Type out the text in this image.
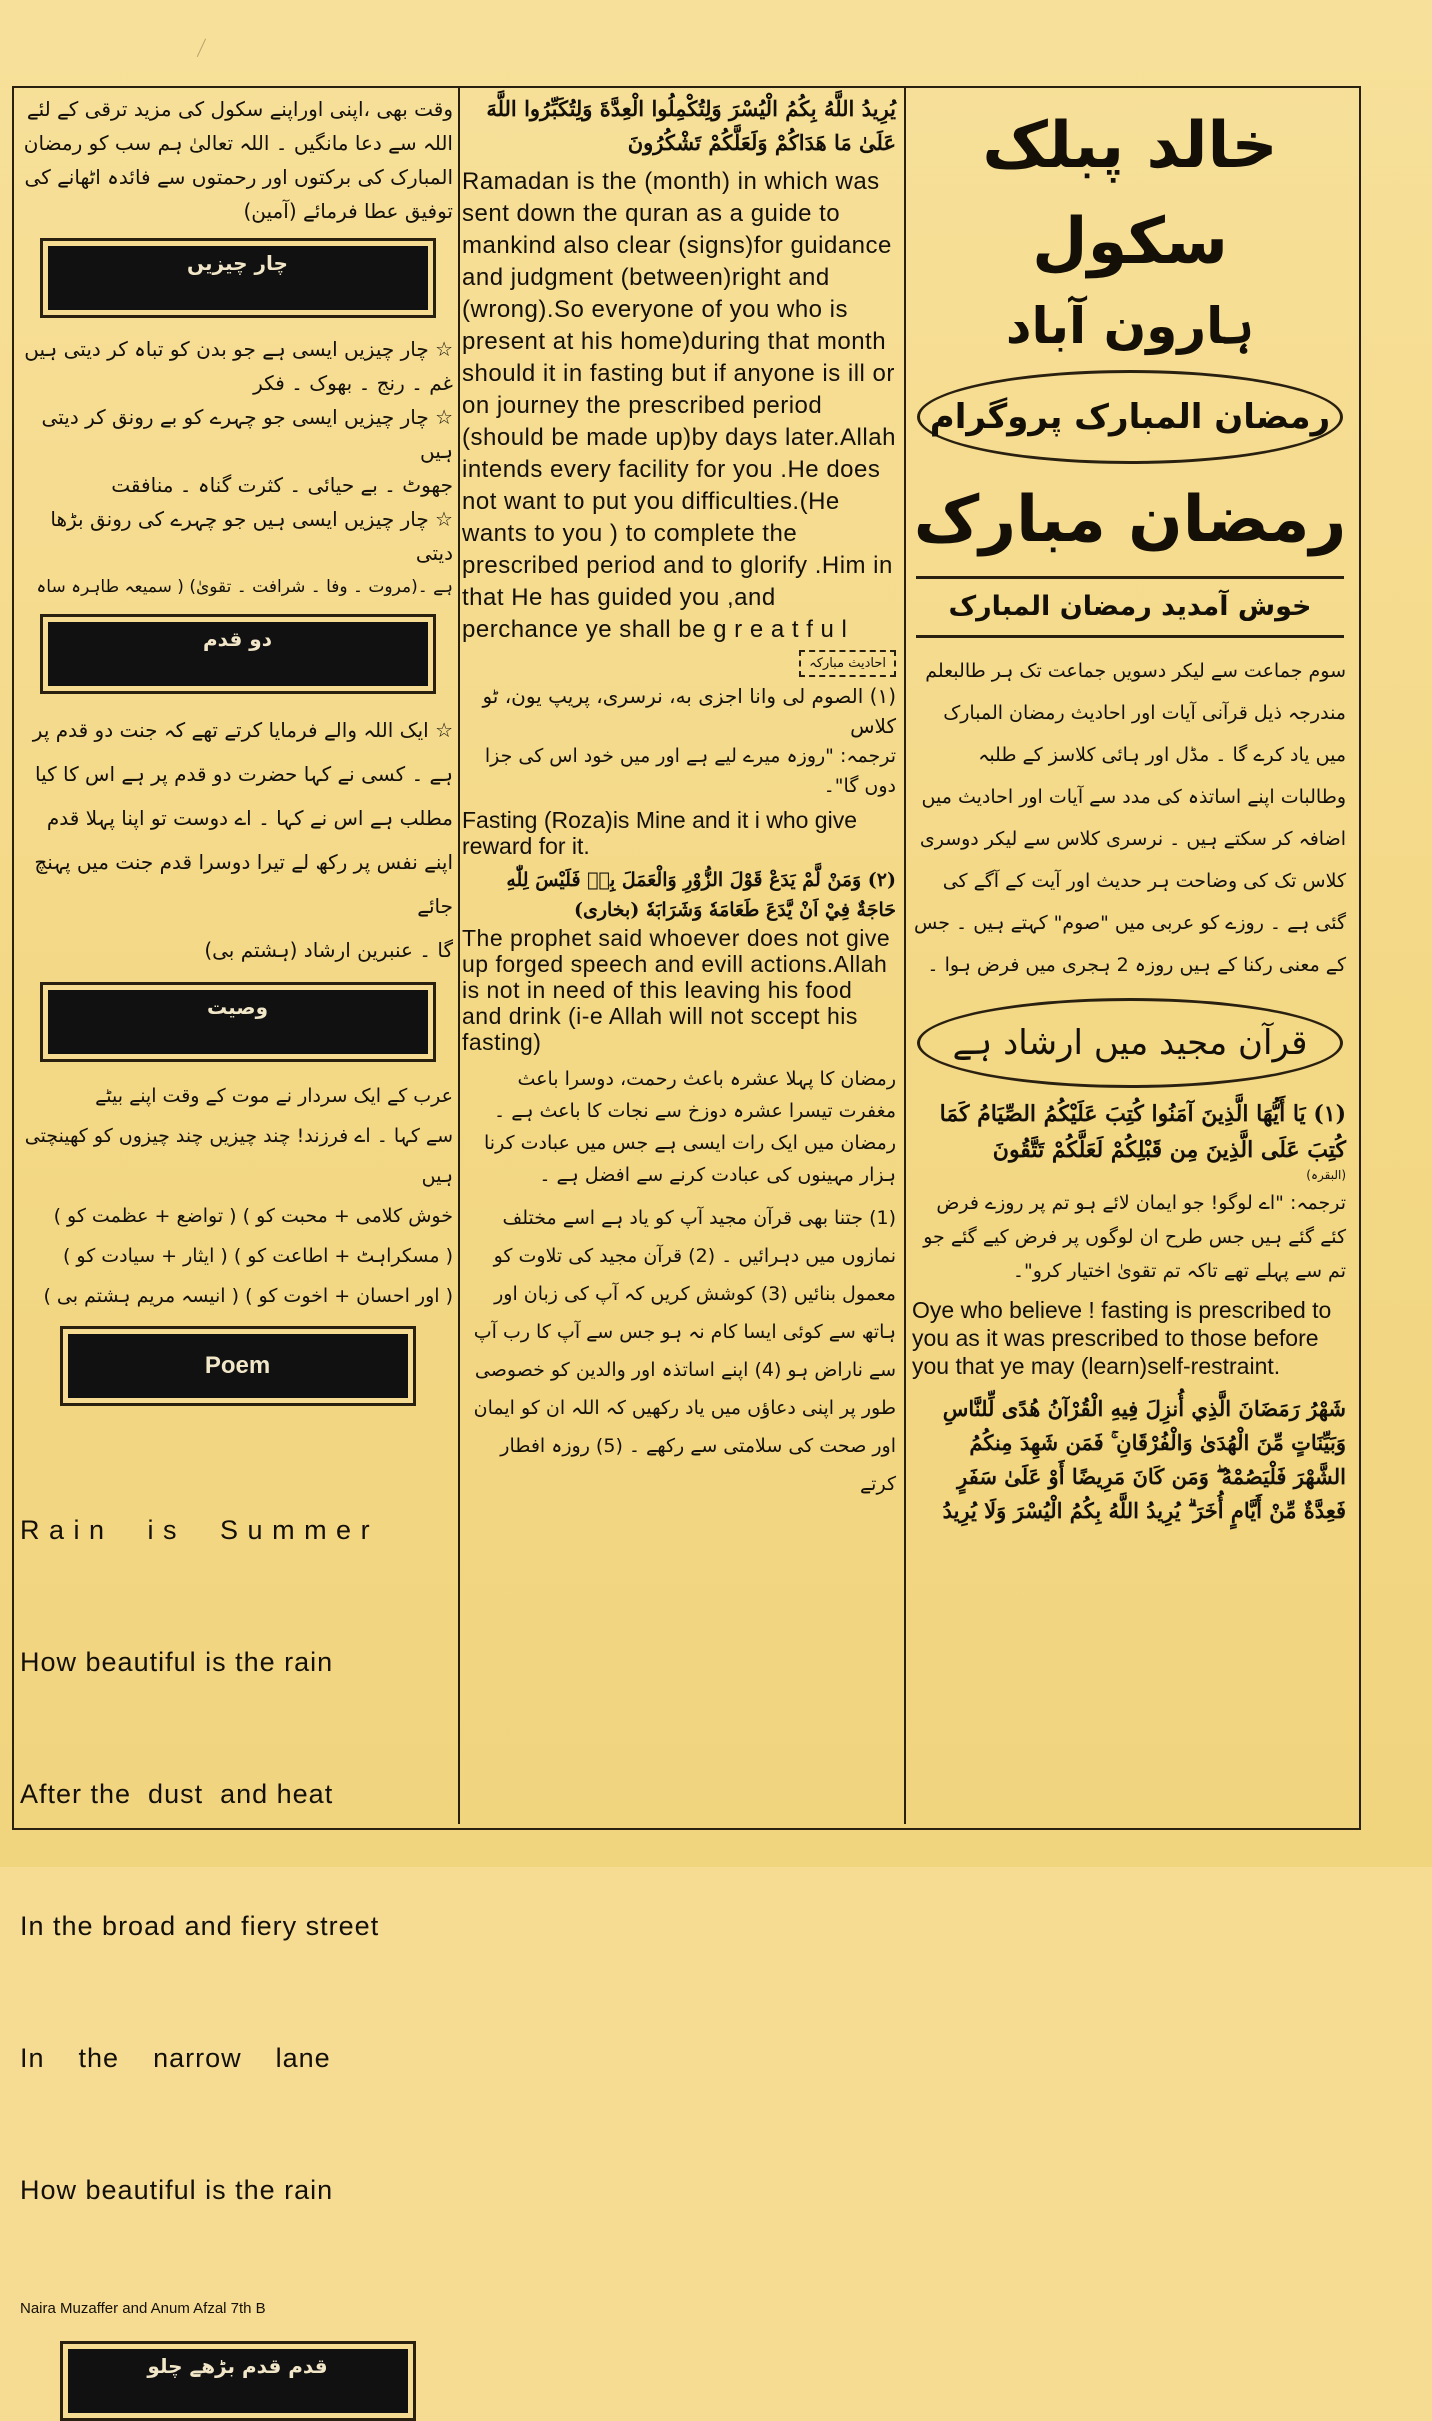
وقت بھی ،اپنی اوراپنے سکول کی مزید ترقی کے لئے اللہ سے دعا مانگیں ۔ اللہ تعالیٰ ہم سب کو رمضان المبارک کی برکتوں اور رحمتوں سے فائدہ اٹھانے کی توفیق عطا فرمائے (آمین)
چار چیزیں
☆ چار چیزیں ایسی ہے جو بدن کو تباہ کر دیتی ہیں
غم ۔ رنج ۔ بھوک ۔ فکر
☆ چار چیزیں ایسی جو چہرے کو بے رونق کر دیتی ہیں
جھوٹ ۔ بے حیائی ۔ کثرت گناہ ۔ منافقت
☆ چار چیزیں ایسی ہیں جو چہرے کی رونق بڑھا دیتی
ہے ۔(مروت ۔ وفا ۔ شرافت ۔ تقویٰ) ( سمیعہ طاہرہ ساہ
دو قدم
☆ ایک اللہ والے فرمایا کرتے تھے کہ جنت دو قدم پر
ہے ۔ کسی نے کہا حضرت دو قدم پر ہے اس کا کیا
مطلب ہے اس نے کہا ۔ اے دوست تو اپنا پہلا قدم
اپنے نفس پر رکھ لے تیرا دوسرا قدم جنت میں پہنچ جائے
گا ۔ عنبرین ارشاد (ہشتم بی)
وصیت
عرب کے ایک سردار نے موت کے وقت اپنے بیٹے
سے کہا ۔ اے فرزند! چند چیزیں چند چیزوں کو کھینچتی ہیں
خوش کلامی + محبت کو ) ( تواضع + عظمت کو )
( مسکراہٹ + اطاعت کو ) ( ایثار + سیادت کو )
( اور احسان + اخوت کو ) ( انیسہ مریم ہشتم بی )
Poem

R a i n     i s     S u m m e r

How beautiful is the rain

After the  dust  and heat

In the broad and fiery street

In    the    narrow    lane

How beautiful is the rain

Naira Muzaffer and Anum Afzal 7th B
قدم قدم بڑھے چلو
يُرِيدُ اللَّهُ بِكُمُ الْيُسْرَ وَلِتُكْمِلُوا الْعِدَّةَ وَلِتُكَبِّرُوا اللَّهَ عَلَىٰ مَا هَدَاكُمْ وَلَعَلَّكُمْ تَشْكُرُونَ
Ramadan is the (month) in which was sent down the quran as a guide to mankind also clear (signs)for guidance and judgment (between)right and (wrong).So everyone of you who is present at his home)during that month should it in fasting but if anyone is ill or on journey the prescribed period (should be made up)by days later.Allah intends every facility for you .He does not want to put you difficulties.(He wants to you ) to complete the prescribed period and to glorify .Him in that He has guided you ,and perchance ye shall be g r e a t f u l
احادیث مبارکہ
(١) الصوم لی وانا اجزی به، نرسری، پریپ یون، ٹو کلاس
ترجمہ: "روزہ میرے لیے ہے اور میں خود اس کی جزا دوں گا"۔
Fasting (Roza)is Mine and it i who give reward for it.
(٢) وَمَنْ لَّمْ يَدَعْ قَوْلَ الزُّوْرِ وَالْعَمَلَ بِهٖ فَلَيْسَ لِلّٰهِ حَاجَةٌ فِيْ اَنْ يَّدَعَ طَعَامَهٗ وَشَرَابَهٗ (بخاری)
The prophet said whoever does not give up forged speech and evill actions.Allah is not in need of this leaving his food and drink (i-e Allah will not sccept his fasting)
رمضان کا پہلا عشرہ باعث رحمت، دوسرا باعث مغفرت تیسرا عشرہ دوزخ سے نجات کا باعث ہے ۔ رمضان میں ایک رات ایسی ہے جس میں عبادت کرنا ہزار مہینوں کی عبادت کرنے سے افضل ہے ۔
(1) جتنا بھی قرآن مجید آپ کو یاد ہے اسے مختلف نمازوں میں دہرائیں ۔ (2) قرآن مجید کی تلاوت کو معمول بنائیں (3) کوشش کریں کہ آپ کی زبان اور ہاتھ سے کوئی ایسا کام نہ ہو جس سے آپ کا رب آپ سے ناراض ہو (4) اپنے اساتذہ اور والدین کو خصوصی طور پر اپنی دعاؤں میں یاد رکھیں کہ اللہ ان کو ایمان اور صحت کی سلامتی سے رکھے ۔ (5) روزہ افطار کرتے
خالد پبلک سکول
ہارون آباد
رمضان المبارک پروگرام
رمضان مبارک
خوش آمدید رمضان المبارک
سوم جماعت سے لیکر دسویں جماعت تک ہر طالبعلم مندرجہ ذیل قرآنی آیات اور احادیث رمضان المبارک میں یاد کرے گا ۔ مڈل اور ہائی کلاسز کے طلبہ وطالبات اپنے اساتذہ کی مدد سے آیات اور احادیث میں اضافہ کر سکتے ہیں ۔ نرسری کلاس سے لیکر دوسری کلاس تک کی وضاحت ہر حدیث اور آیت کے آگے کی گئی ہے ۔ روزے کو عربی میں "صوم" کہتے ہیں ۔ جس کے معنی رکنا کے ہیں روزہ 2 ہجری میں فرض ہوا ۔
قرآن مجید میں ارشاد ہے
(١) يَا أَيُّهَا الَّذِينَ آمَنُوا كُتِبَ عَلَيْكُمُ الصِّيَامُ كَمَا كُتِبَ عَلَى الَّذِينَ مِن قَبْلِكُمْ لَعَلَّكُمْ تَتَّقُونَ
(البقرہ)
ترجمہ: "اے لوگو! جو ایمان لائے ہو تم پر روزے فرض کئے گئے ہیں جس طرح ان لوگوں پر فرض کیے گئے جو تم سے پہلے تھے تاکہ تم تقویٰ اختیار کرو"۔
Oye who believe ! fasting is prescribed to you as it was prescribed to those before you that ye may (learn)self-restraint.
شَهْرُ رَمَضَانَ الَّذِي أُنزِلَ فِيهِ الْقُرْآنُ هُدًى لِّلنَّاسِ وَبَيِّنَاتٍ مِّنَ الْهُدَىٰ وَالْفُرْقَانِ ۚ فَمَن شَهِدَ مِنكُمُ الشَّهْرَ فَلْيَصُمْهُ ۖ وَمَن كَانَ مَرِيضًا أَوْ عَلَىٰ سَفَرٍ فَعِدَّةٌ مِّنْ أَيَّامٍ أُخَرَ ۗ يُرِيدُ اللَّهُ بِكُمُ الْيُسْرَ وَلَا يُرِيدُ
